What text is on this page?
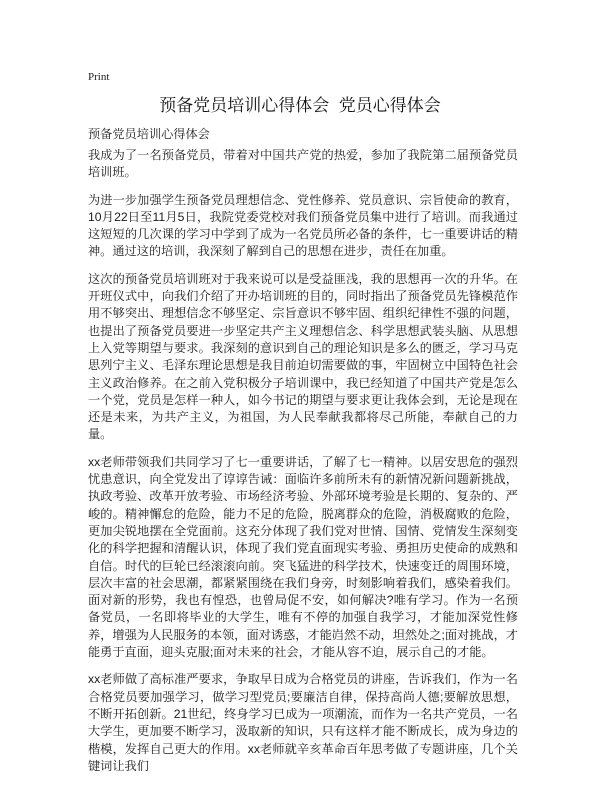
Print
预备党员培训心得体会  党员心得体会
预备党员培训心得体会

我成为了一名预备党员，带着对中国共产党的热爱，参加了我院第二届预备党员培训班。

为进一步加强学生预备党员理想信念、党性修养、党员意识、宗旨使命的教育，10月22日至11月5日，我院党委党校对我们预备党员集中进行了培训。而我通过这短短的几次课的学习中学到了成为一名党员所必备的条件，七一重要讲话的精神。通过这的培训，我深刻了解到自己的思想在进步，责任在加重。

这次的预备党员培训班对于我来说可以是受益匪浅，我的思想再一次的升华。在开班仪式中，向我们介绍了开办培训班的目的，同时指出了预备党员先锋模范作用不够突出、理想信念不够坚定、宗旨意识不够牢固、组织纪律性不强的问题，也提出了预备党员要进一步坚定共产主义理想信念、科学思想武装头脑、从思想上入党等期望与要求。我深刻的意识到自己的理论知识是多么的匮乏，学习马克思列宁主义、毛泽东理论思想是我目前迫切需要做的事，牢固树立中国特色社会主义政治修养。在之前入党积极分子培训课中，我已经知道了中国共产党是怎么一个党，党员是怎样一种人，如今书记的期望与要求更让我体会到，无论是现在还是未来，为共产主义，为祖国，为人民奉献我都将尽己所能，奉献自己的力量。

xx老师带领我们共同学习了七一重要讲话，了解了七一精神。以居安思危的强烈忧患意识，向全党发出了谆谆告诫：面临许多前所未有的新情况新问题新挑战，执政考验、改革开放考验、市场经济考验、外部环境考验是长期的、复杂的、严峻的。精神懈怠的危险，能力不足的危险，脱离群众的危险，消极腐败的危险，更加尖锐地摆在全党面前。这充分体现了我们党对世情、国情、党情发生深刻变化的科学把握和清醒认识，体现了我们党直面现实考验、勇担历史使命的成熟和自信。时代的巨轮已经滚滚向前。突飞猛进的科学技术，快速变迁的周围环境，层次丰富的社会思潮，都紧紧围绕在我们身旁，时刻影响着我们，感染着我们。面对新的形势，我也有惶恐，也曾局促不安，如何解决?唯有学习。作为一名预备党员，一名即将毕业的大学生，唯有不停的加强自我学习，才能加深党性修养，增强为人民服务的本领，面对诱惑，才能岿然不动，坦然处之;面对挑战，才能勇于直面，迎头克服;面对未来的社会，才能从容不迫，展示自己的才能。

xx老师做了高标准严要求，争取早日成为合格党员的讲座，告诉我们，作为一名合格党员要加强学习，做学习型党员;要廉洁自律，保持高尚人德;要解放思想，不断开拓创新。21世纪，终身学习已成为一项潮流，而作为一名共产党员，一名大学生，更加要不断学习，汲取新的知识，只有这样才能不断成长，成为身边的楷模，发挥自己更大的作用。xx老师就辛亥革命百年思考做了专题讲座，几个关键词让我们
